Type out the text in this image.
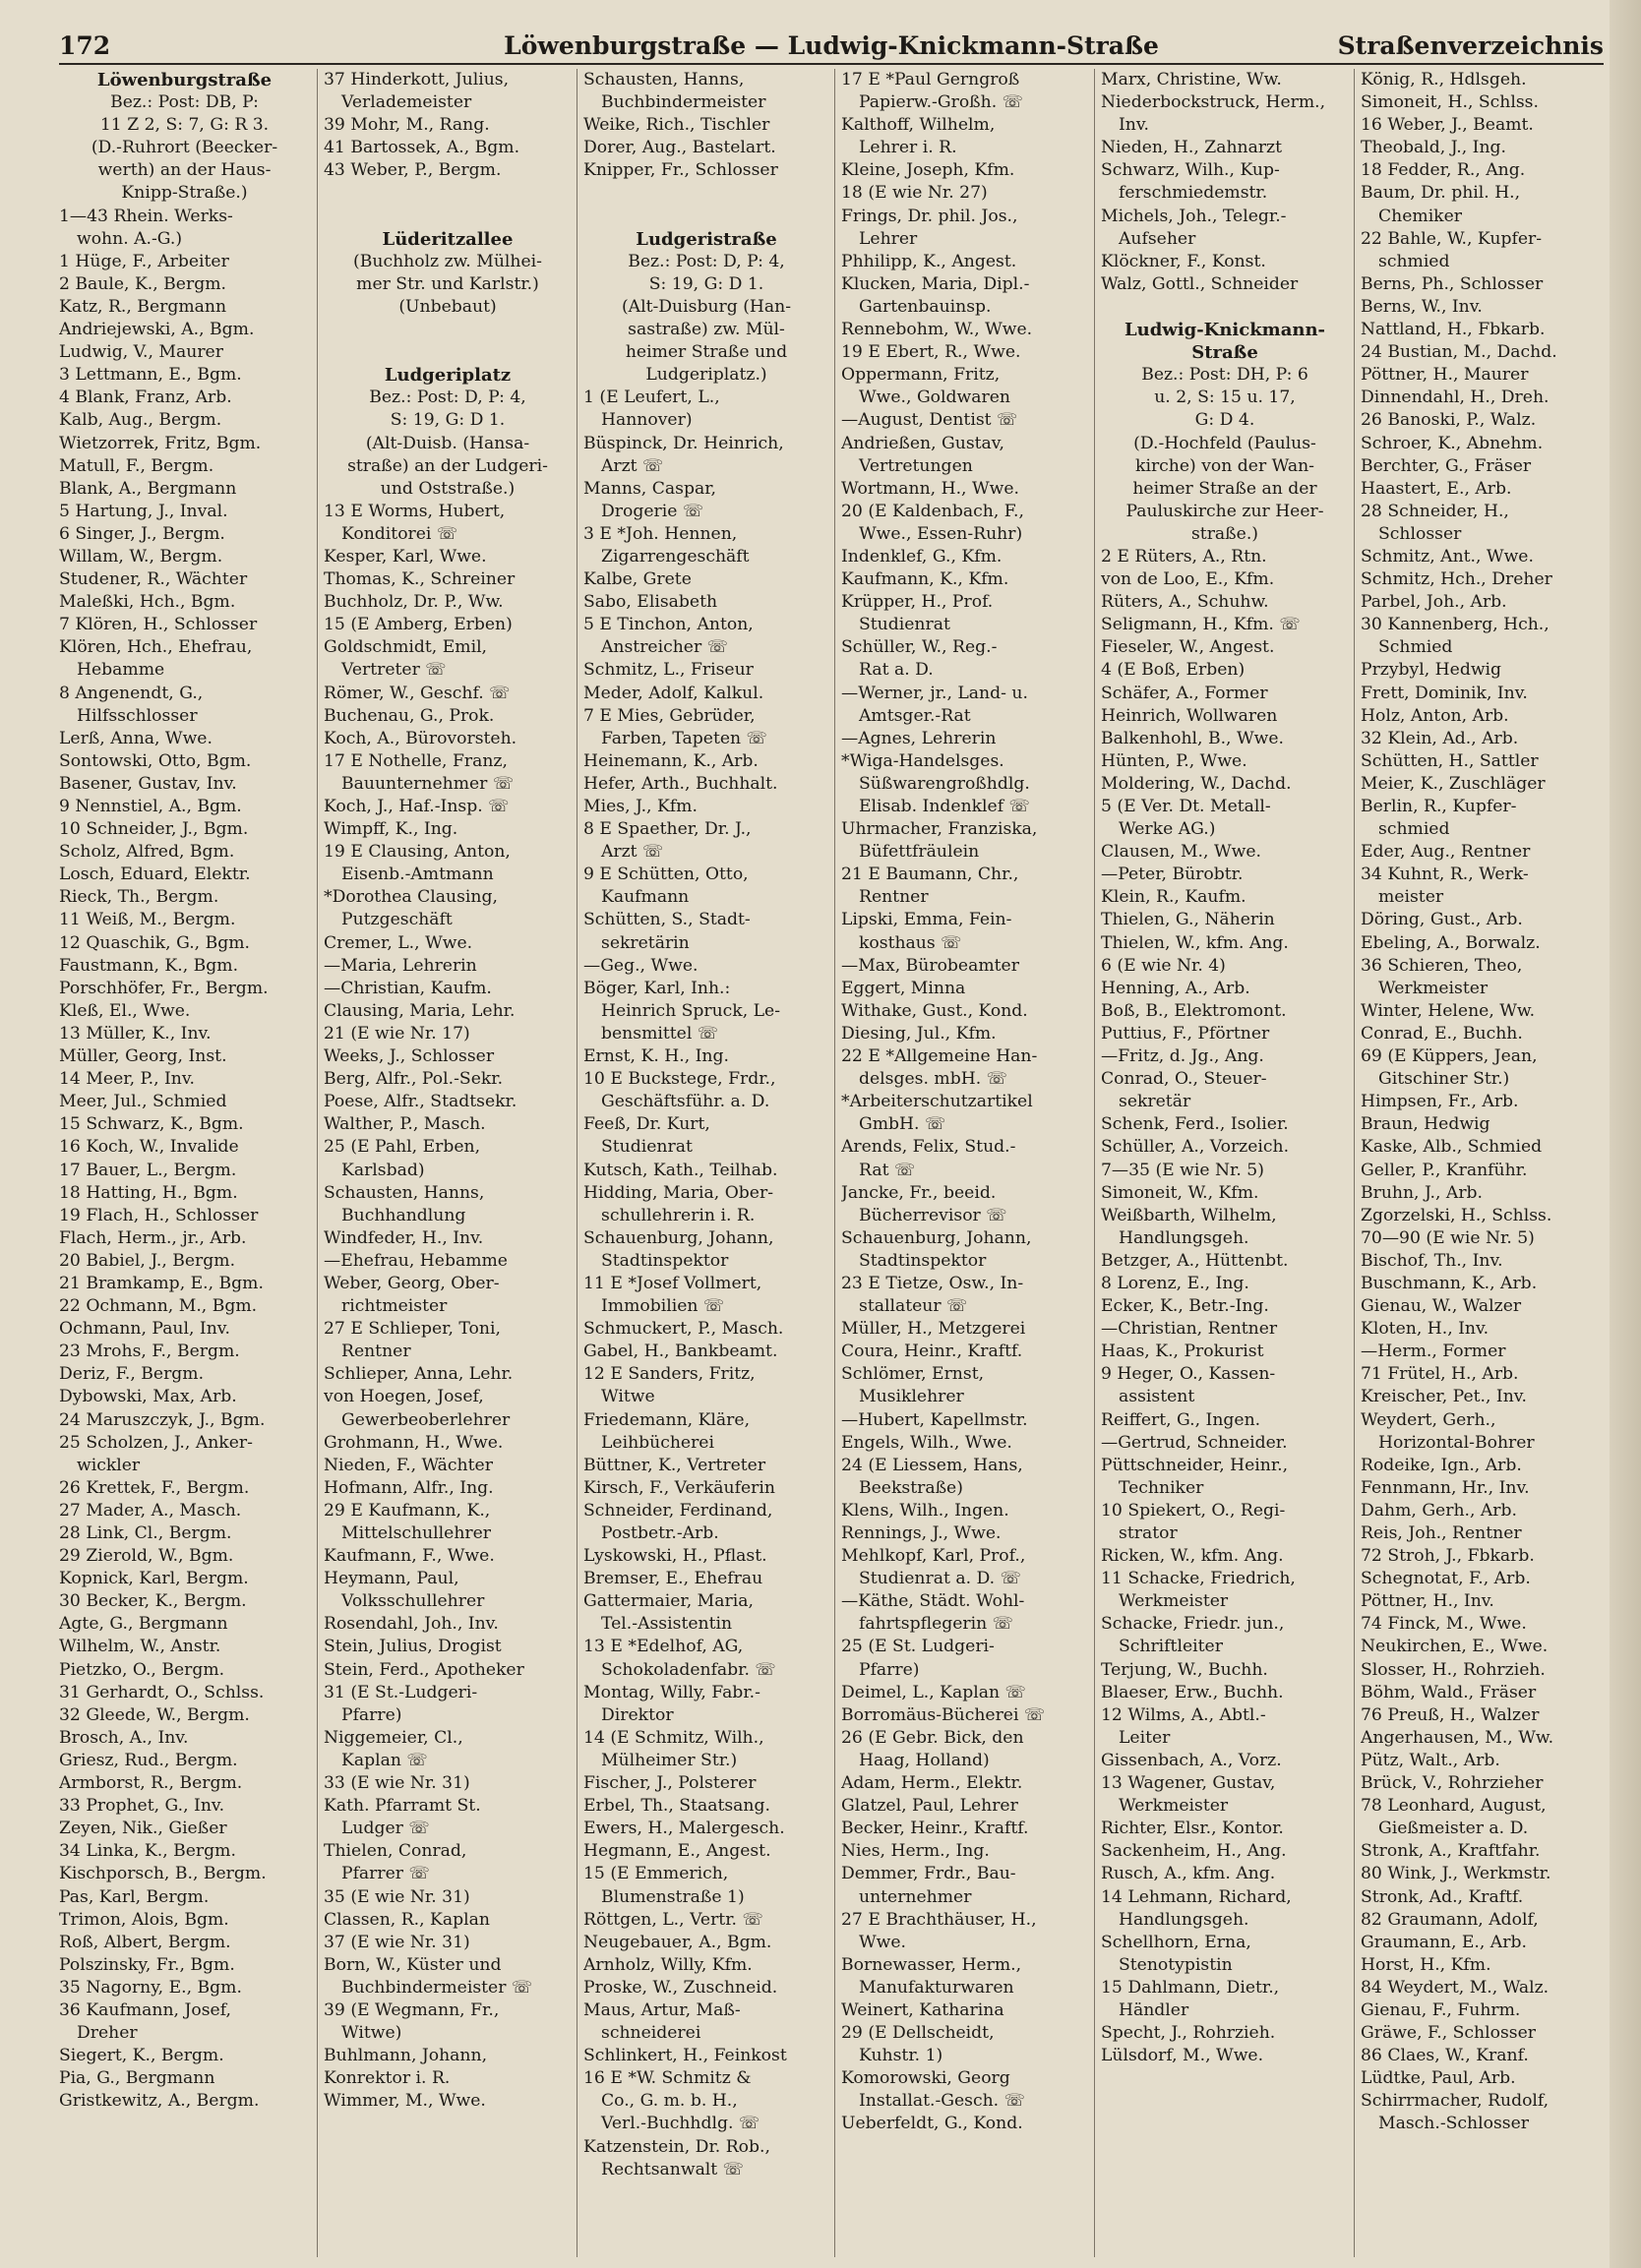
172	Löwenburgstraße — Ludwig-Knickmann-Straße	Straßenverzeichnis
Löwenburgstraße
Bez.: Post: DB, P:
11 Z 2, S: 7, G: R 3.
(D.-Ruhrort (Beecker-
werth) an der Haus-
Knipp-Straße.)
1—43 Rhein. Werks-
wohn. A.-G.)
1 Hüge, F., Arbeiter
2 Baule, K., Bergm.
Katz, R., Bergmann
Andriejewski, A., Bgm.
Ludwig, V., Maurer
3 Lettmann, E., Bgm.
4 Blank, Franz, Arb.
Kalb, Aug., Bergm.
Wietzorrek, Fritz, Bgm.
Matull, F., Bergm.
Blank, A., Bergmann
5 Hartung, J., Inval.
6 Singer, J., Bergm.
Willam, W., Bergm.
Studener, R., Wächter
Maleßki, Hch., Bgm.
7 Klören, H., Schlosser
Klören, Hch., Ehefrau,
Hebamme
8 Angenendt, G.,
Hilfsschlosser
Lerß, Anna, Wwe.
Sontowski, Otto, Bgm.
Basener, Gustav, Inv.
9 Nennstiel, A., Bgm.
10 Schneider, J., Bgm.
Scholz, Alfred, Bgm.
Losch, Eduard, Elektr.
Rieck, Th., Bergm.
11 Weiß, M., Bergm.
12 Quaschik, G., Bgm.
Faustmann, K., Bgm.
Porschhöfer, Fr., Bergm.
Kleß, El., Wwe.
13 Müller, K., Inv.
Müller, Georg, Inst.
14 Meer, P., Inv.
Meer, Jul., Schmied
15 Schwarz, K., Bgm.
16 Koch, W., Invalide
17 Bauer, L., Bergm.
18 Hatting, H., Bgm.
19 Flach, H., Schlosser
Flach, Herm., jr., Arb.
20 Babiel, J., Bergm.
21 Bramkamp, E., Bgm.
22 Ochmann, M., Bgm.
Ochmann, Paul, Inv.
23 Mrohs, F., Bergm.
Deriz, F., Bergm.
Dybowski, Max, Arb.
24 Maruszczyk, J., Bgm.
25 Scholzen, J., Anker-
wickler
26 Krettek, F., Bergm.
27 Mader, A., Masch.
28 Link, Cl., Bergm.
29 Zierold, W., Bgm.
Kopnick, Karl, Bergm.
30 Becker, K., Bergm.
Agte, G., Bergmann
Wilhelm, W., Anstr.
Pietzko, O., Bergm.
31 Gerhardt, O., Schlss.
32 Gleede, W., Bergm.
Brosch, A., Inv.
Griesz, Rud., Bergm.
Armborst, R., Bergm.
33 Prophet, G., Inv.
Zeyen, Nik., Gießer
34 Linka, K., Bergm.
Kischporsch, B., Bergm.
Pas, Karl, Bergm.
Trimon, Alois, Bgm.
Roß, Albert, Bergm.
Polszinsky, Fr., Bgm.
35 Nagorny, E., Bgm.
36 Kaufmann, Josef,
Dreher
Siegert, K., Bergm.
Pia, G., Bergmann
Gristkewitz, A., Bergm.
37 Hinderkott, Julius,
Verlademeister
39 Mohr, M., Rang.
41 Bartossek, A., Bgm.
43 Weber, P., Bergm.
Lüderitzallee
(Buchholz zw. Mülhei-
mer Str. und Karlstr.)
(Unbebaut)
Ludgeriplatz
Bez.: Post: D, P: 4,
S: 19, G: D 1.
(Alt-Duisb. (Hansa-
straße) an der Ludgeri-
und Oststraße.)
13 E Worms, Hubert,
Konditorei ☏
Kesper, Karl, Wwe.
Thomas, K., Schreiner
Buchholz, Dr. P., Ww.
15 (E Amberg, Erben)
Goldschmidt, Emil,
Vertreter ☏
Römer, W., Geschf. ☏
Buchenau, G., Prok.
Koch, A., Bürovorsteh.
17 E Nothelle, Franz,
Bauunternehmer ☏
Koch, J., Haf.-Insp. ☏
Wimpff, K., Ing.
19 E Clausing, Anton,
Eisenb.-Amtmann
*Dorothea Clausing,
Putzgeschäft
Cremer, L., Wwe.
—Maria, Lehrerin
—Christian, Kaufm.
Clausing, Maria, Lehr.
21 (E wie Nr. 17)
Weeks, J., Schlosser
Berg, Alfr., Pol.-Sekr.
Poese, Alfr., Stadtsekr.
Walther, P., Masch.
25 (E Pahl, Erben,
Karlsbad)
Schausten, Hanns,
Buchhandlung
Windfeder, H., Inv.
—Ehefrau, Hebamme
Weber, Georg, Ober-
richtmeister
27 E Schlieper, Toni,
Rentner
Schlieper, Anna, Lehr.
von Hoegen, Josef,
Gewerbeoberlehrer
Grohmann, H., Wwe.
Nieden, F., Wächter
Hofmann, Alfr., Ing.
29 E Kaufmann, K.,
Mittelschullehrer
Kaufmann, F., Wwe.
Heymann, Paul,
Volksschullehrer
Rosendahl, Joh., Inv.
Stein, Julius, Drogist
Stein, Ferd., Apotheker
31 (E St.-Ludgeri-
Pfarre)
Niggemeier, Cl.,
Kaplan ☏
33 (E wie Nr. 31)
Kath. Pfarramt St.
Ludger ☏
Thielen, Conrad,
Pfarrer ☏
35 (E wie Nr. 31)
Classen, R., Kaplan
37 (E wie Nr. 31)
Born, W., Küster und
Buchbindermeister ☏
39 (E Wegmann, Fr.,
Witwe)
Buhlmann, Johann,
Konrektor i. R.
Wimmer, M., Wwe.
Schausten, Hanns,
Buchbindermeister
Weike, Rich., Tischler
Dorer, Aug., Bastelart.
Knipper, Fr., Schlosser
Ludgeristraße
Bez.: Post: D, P: 4,
S: 19, G: D 1.
(Alt-Duisburg (Han-
sastraße) zw. Mül-
heimer Straße und
Ludgeriplatz.)
1 (E Leufert, L.,
Hannover)
Büspinck, Dr. Heinrich,
Arzt ☏
Manns, Caspar,
Drogerie ☏
3 E *Joh. Hennen,
Zigarrengeschäft
Kalbe, Grete
Sabo, Elisabeth
5 E Tinchon, Anton,
Anstreicher ☏
Schmitz, L., Friseur
Meder, Adolf, Kalkul.
7 E Mies, Gebrüder,
Farben, Tapeten ☏
Heinemann, K., Arb.
Hefer, Arth., Buchhalt.
Mies, J., Kfm.
8 E Spaether, Dr. J.,
Arzt ☏
9 E Schütten, Otto,
Kaufmann
Schütten, S., Stadt-
sekretärin
—Geg., Wwe.
Böger, Karl, Inh.:
Heinrich Spruck, Le-
bensmittel ☏
Ernst, K. H., Ing.
10 E Buckstege, Frdr.,
Geschäftsführ. a. D.
Feeß, Dr. Kurt,
Studienrat
Kutsch, Kath., Teilhab.
Hidding, Maria, Ober-
schullehrerin i. R.
Schauenburg, Johann,
Stadtinspektor
11 E *Josef Vollmert,
Immobilien ☏
Schmuckert, P., Masch.
Gabel, H., Bankbeamt.
12 E Sanders, Fritz,
Witwe
Friedemann, Kläre,
Leihbücherei
Büttner, K., Vertreter
Kirsch, F., Verkäuferin
Schneider, Ferdinand,
Postbetr.-Arb.
Lyskowski, H., Pflast.
Bremser, E., Ehefrau
Gattermaier, Maria,
Tel.-Assistentin
13 E *Edelhof, AG,
Schokoladenfabr. ☏
Montag, Willy, Fabr.-
Direktor
14 (E Schmitz, Wilh.,
Mülheimer Str.)
Fischer, J., Polsterer
Erbel, Th., Staatsang.
Ewers, H., Malergesch.
Hegmann, E., Angest.
15 (E Emmerich,
Blumenstraße 1)
Röttgen, L., Vertr. ☏
Neugebauer, A., Bgm.
Arnholz, Willy, Kfm.
Proske, W., Zuschneid.
Maus, Artur, Maß-
schneiderei
Schlinkert, H., Feinkost
16 E *W. Schmitz &
Co., G. m. b. H.,
Verl.-Buchhdlg. ☏
Katzenstein, Dr. Rob.,
Rechtsanwalt ☏
17 E *Paul Gerngroß
Papierw.-Großh. ☏
Kalthoff, Wilhelm,
Lehrer i. R.
Kleine, Joseph, Kfm.
18 (E wie Nr. 27)
Frings, Dr. phil. Jos.,
Lehrer
Phhilipp, K., Angest.
Klucken, Maria, Dipl.-
Gartenbauinsp.
Rennebohm, W., Wwe.
19 E Ebert, R., Wwe.
Oppermann, Fritz,
Wwe., Goldwaren
—August, Dentist ☏
Andrießen, Gustav,
Vertretungen
Wortmann, H., Wwe.
20 (E Kaldenbach, F.,
Wwe., Essen-Ruhr)
Indenklef, G., Kfm.
Kaufmann, K., Kfm.
Krüpper, H., Prof.
Studienrat
Schüller, W., Reg.-
Rat a. D.
—Werner, jr., Land- u.
Amtsger.-Rat
—Agnes, Lehrerin
*Wiga-Handelsges.
Süßwarengroßhdlg.
Elisab. Indenklef ☏
Uhrmacher, Franziska,
Büfettfräulein
21 E Baumann, Chr.,
Rentner
Lipski, Emma, Fein-
kosthaus ☏
—Max, Bürobeamter
Eggert, Minna
Withake, Gust., Kond.
Diesing, Jul., Kfm.
22 E *Allgemeine Han-
delsges. mbH. ☏
*Arbeiterschutzartikel
GmbH. ☏
Arends, Felix, Stud.-
Rat ☏
Jancke, Fr., beeid.
Bücherrevisor ☏
Schauenburg, Johann,
Stadtinspektor
23 E Tietze, Osw., In-
stallateur ☏
Müller, H., Metzgerei
Coura, Heinr., Kraftf.
Schlömer, Ernst,
Musiklehrer
—Hubert, Kapellmstr.
Engels, Wilh., Wwe.
24 (E Liessem, Hans,
Beekstraße)
Klens, Wilh., Ingen.
Rennings, J., Wwe.
Mehlkopf, Karl, Prof.,
Studienrat a. D. ☏
—Käthe, Städt. Wohl-
fahrtspflegerin ☏
25 (E St. Ludgeri-
Pfarre)
Deimel, L., Kaplan ☏
Borromäus-Bücherei ☏
26 (E Gebr. Bick, den
Haag, Holland)
Adam, Herm., Elektr.
Glatzel, Paul, Lehrer
Becker, Heinr., Kraftf.
Nies, Herm., Ing.
Demmer, Frdr., Bau-
unternehmer
27 E Brachthäuser, H.,
Wwe.
Bornewasser, Herm.,
Manufakturwaren
Weinert, Katharina
29 (E Dellscheidt,
Kuhstr. 1)
Komorowski, Georg
Installat.-Gesch. ☏
Ueberfeldt, G., Kond.
Marx, Christine, Ww.
Niederbockstruck, Herm.,
Inv.
Nieden, H., Zahnarzt
Schwarz, Wilh., Kup-
ferschmiedemstr.
Michels, Joh., Telegr.-
Aufseher
Klöckner, F., Konst.
Walz, Gottl., Schneider
Ludwig-Knickmann-
Straße
Bez.: Post: DH, P: 6
u. 2, S: 15 u. 17,
G: D 4.
(D.-Hochfeld (Paulus-
kirche) von der Wan-
heimer Straße an der
Pauluskirche zur Heer-
straße.)
2 E Rüters, A., Rtn.
von de Loo, E., Kfm.
Rüters, A., Schuhw.
Seligmann, H., Kfm. ☏
Fieseler, W., Angest.
4 (E Boß, Erben)
Schäfer, A., Former
Heinrich, Wollwaren
Balkenhohl, B., Wwe.
Hünten, P., Wwe.
Moldering, W., Dachd.
5 (E Ver. Dt. Metall-
Werke AG.)
Clausen, M., Wwe.
—Peter, Bürobtr.
Klein, R., Kaufm.
Thielen, G., Näherin
Thielen, W., kfm. Ang.
6 (E wie Nr. 4)
Henning, A., Arb.
Boß, B., Elektromont.
Puttius, F., Pförtner
—Fritz, d. Jg., Ang.
Conrad, O., Steuer-
sekretär
Schenk, Ferd., Isolier.
Schüller, A., Vorzeich.
7—35 (E wie Nr. 5)
Simoneit, W., Kfm.
Weißbarth, Wilhelm,
Handlungsgeh.
Betzger, A., Hüttenbt.
8 Lorenz, E., Ing.
Ecker, K., Betr.-Ing.
—Christian, Rentner
Haas, K., Prokurist
9 Heger, O., Kassen-
assistent
Reiffert, G., Ingen.
—Gertrud, Schneider.
Püttschneider, Heinr.,
Techniker
10 Spiekert, O., Regi-
strator
Ricken, W., kfm. Ang.
11 Schacke, Friedrich,
Werkmeister
Schacke, Friedr. jun.,
Schriftleiter
Terjung, W., Buchh.
Blaeser, Erw., Buchh.
12 Wilms, A., Abtl.-
Leiter
Gissenbach, A., Vorz.
13 Wagener, Gustav,
Werkmeister
Richter, Elsr., Kontor.
Sackenheim, H., Ang.
Rusch, A., kfm. Ang.
14 Lehmann, Richard,
Handlungsgeh.
Schellhorn, Erna,
Stenotypistin
15 Dahlmann, Dietr.,
Händler
Specht, J., Rohrzieh.
Lülsdorf, M., Wwe.
König, R., Hdlsgeh.
Simoneit, H., Schlss.
16 Weber, J., Beamt.
Theobald, J., Ing.
18 Fedder, R., Ang.
Baum, Dr. phil. H.,
Chemiker
22 Bahle, W., Kupfer-
schmied
Berns, Ph., Schlosser
Berns, W., Inv.
Nattland, H., Fbkarb.
24 Bustian, M., Dachd.
Pöttner, H., Maurer
Dinnendahl, H., Dreh.
26 Banoski, P., Walz.
Schroer, K., Abnehm.
Berchter, G., Fräser
Haastert, E., Arb.
28 Schneider, H.,
Schlosser
Schmitz, Ant., Wwe.
Schmitz, Hch., Dreher
Parbel, Joh., Arb.
30 Kannenberg, Hch.,
Schmied
Przybyl, Hedwig
Frett, Dominik, Inv.
Holz, Anton, Arb.
32 Klein, Ad., Arb.
Schütten, H., Sattler
Meier, K., Zuschläger
Berlin, R., Kupfer-
schmied
Eder, Aug., Rentner
34 Kuhnt, R., Werk-
meister
Döring, Gust., Arb.
Ebeling, A., Borwalz.
36 Schieren, Theo,
Werkmeister
Winter, Helene, Ww.
Conrad, E., Buchh.
69 (E Küppers, Jean,
Gitschiner Str.)
Himpsen, Fr., Arb.
Braun, Hedwig
Kaske, Alb., Schmied
Geller, P., Kranführ.
Bruhn, J., Arb.
Zgorzelski, H., Schlss.
70—90 (E wie Nr. 5)
Bischof, Th., Inv.
Buschmann, K., Arb.
Gienau, W., Walzer
Kloten, H., Inv.
—Herm., Former
71 Frütel, H., Arb.
Kreischer, Pet., Inv.
Weydert, Gerh.,
Horizontal-Bohrer
Rodeike, Ign., Arb.
Fennmann, Hr., Inv.
Dahm, Gerh., Arb.
Reis, Joh., Rentner
72 Stroh, J., Fbkarb.
Schegnotat, F., Arb.
Pöttner, H., Inv.
74 Finck, M., Wwe.
Neukirchen, E., Wwe.
Slosser, H., Rohrzieh.
Böhm, Wald., Fräser
76 Preuß, H., Walzer
Angerhausen, M., Ww.
Pütz, Walt., Arb.
Brück, V., Rohrzieher
78 Leonhard, August,
Gießmeister a. D.
Stronk, A., Kraftfahr.
80 Wink, J., Werkmstr.
Stronk, Ad., Kraftf.
82 Graumann, Adolf,
Graumann, E., Arb.
Horst, H., Kfm.
84 Weydert, M., Walz.
Gienau, F., Fuhrm.
Gräwe, F., Schlosser
86 Claes, W., Kranf.
Lüdtke, Paul, Arb.
Schirrmacher, Rudolf,
Masch.-Schlosser
